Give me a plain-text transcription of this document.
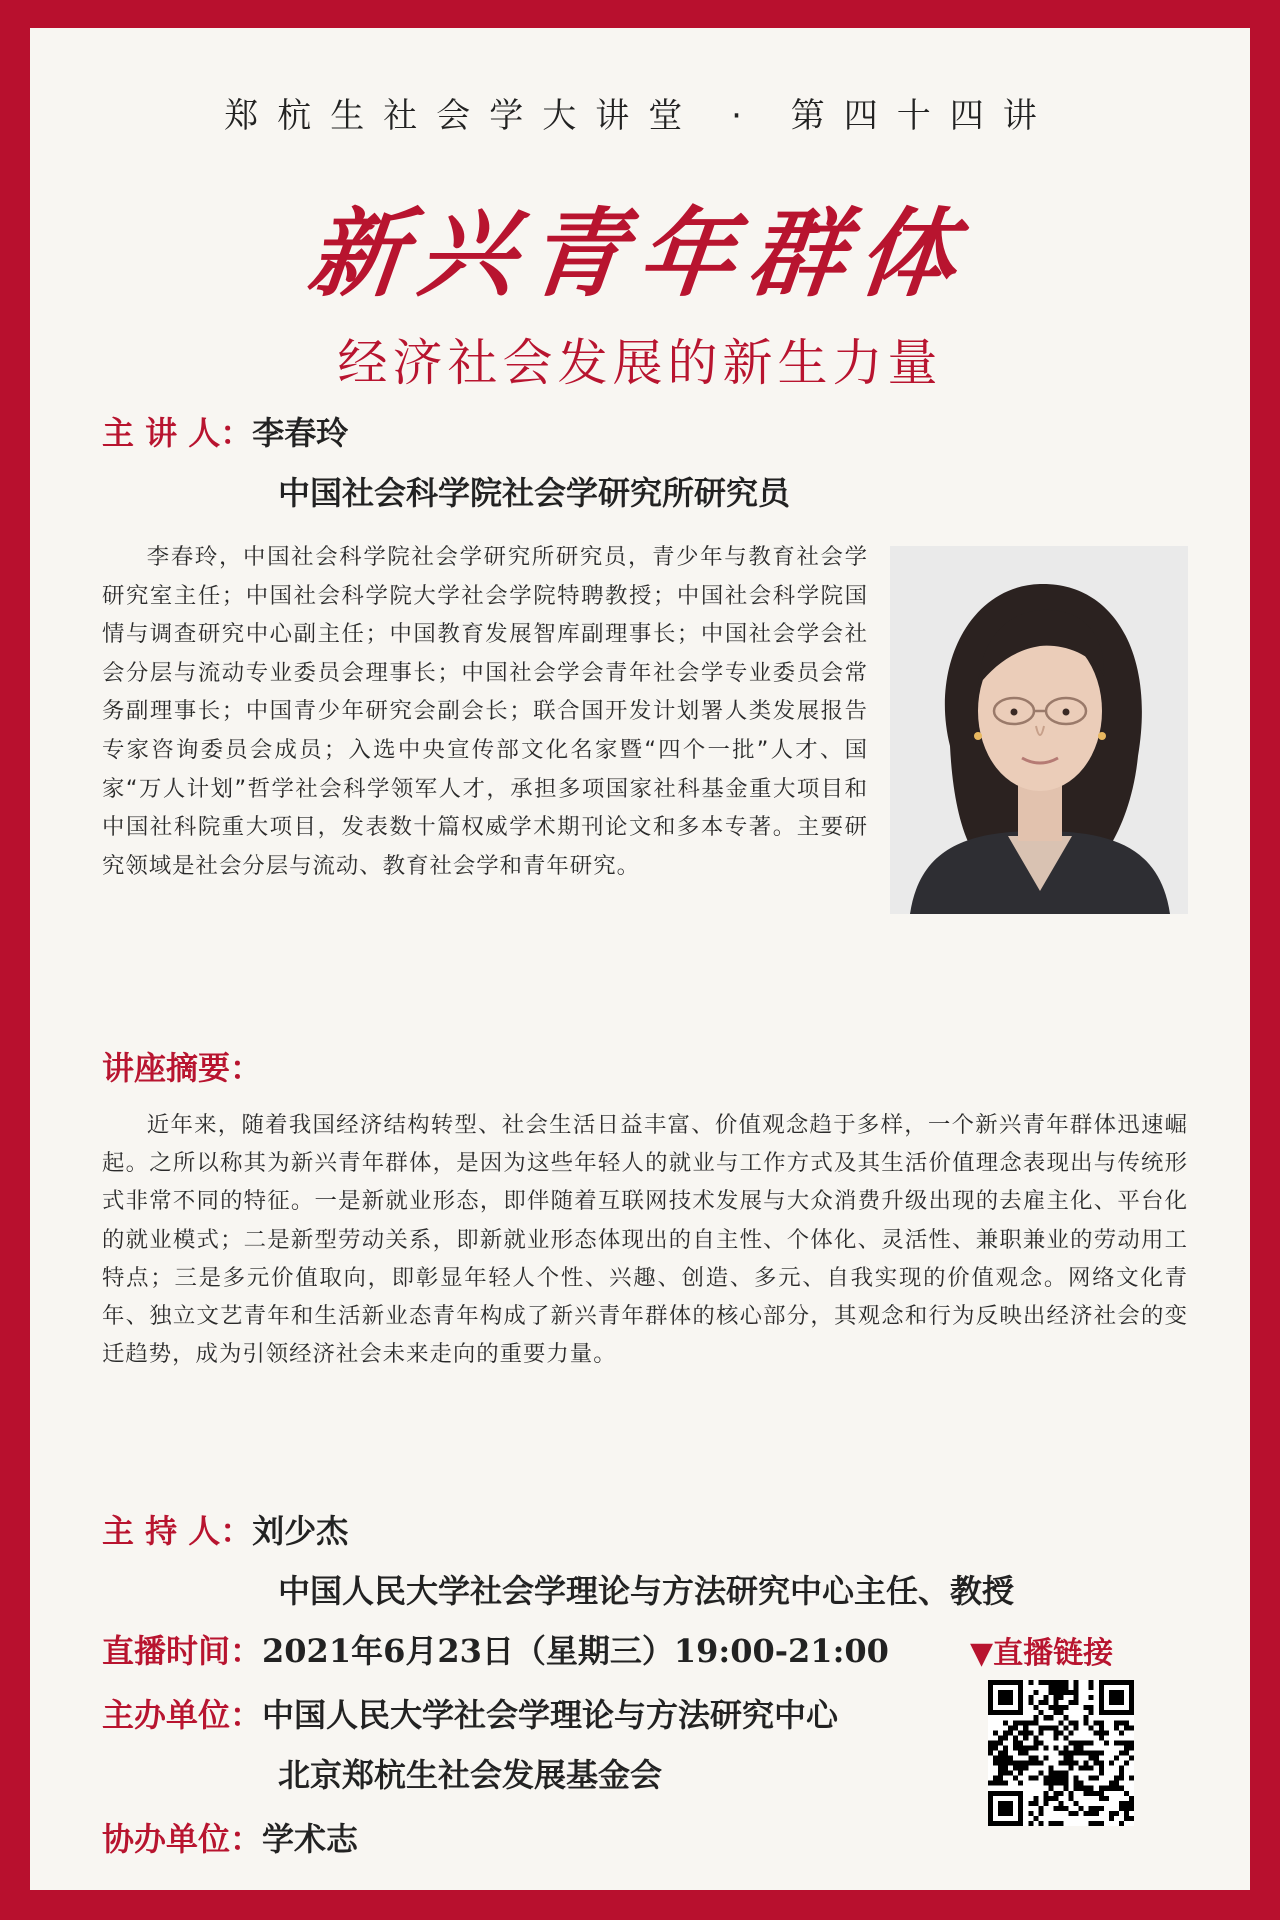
郑杭生社会学大讲堂 · 第四十四讲
新兴青年群体
经济社会发展的新生力量
主 讲 人：李春玲
中国社会科学院社会学研究所研究员

李春玲，中国社会科学院社会学研究所研究员，青少年与教育社会学研究室主任；中国社会科学院大学社会学院特聘教授；中国社会科学院国情与调查研究中心副主任；中国教育发展智库副理事长；中国社会学会社会分层与流动专业委员会理事长；中国社会学会青年社会学专业委员会常务副理事长；中国青少年研究会副会长；联合国开发计划署人类发展报告专家咨询委员会成员；入选中央宣传部文化名家暨“四个一批”人才、国家“万人计划”哲学社会科学领军人才，承担多项国家社科基金重大项目和中国社科院重大项目，发表数十篇权威学术期刊论文和多本专著。主要研究领域是社会分层与流动、教育社会学和青年研究。

讲座摘要：

近年来，随着我国经济结构转型、社会生活日益丰富、价值观念趋于多样，一个新兴青年群体迅速崛起。之所以称其为新兴青年群体，是因为这些年轻人的就业与工作方式及其生活价值理念表现出与传统形式非常不同的特征。一是新就业形态，即伴随着互联网技术发展与大众消费升级出现的去雇主化、平台化的就业模式；二是新型劳动关系，即新就业形态体现出的自主性、个体化、灵活性、兼职兼业的劳动用工特点；三是多元价值取向，即彰显年轻人个性、兴趣、创造、多元、自我实现的价值观念。网络文化青年、独立文艺青年和生活新业态青年构成了新兴青年群体的核心部分，其观念和行为反映出经济社会的变迁趋势，成为引领经济社会未来走向的重要力量。

主 持 人：刘少杰
中国人民大学社会学理论与方法研究中心主任、教授
直播时间：2021年6月23日（星期三）19:00-21:00	▼直播链接
主办单位：中国人民大学社会学理论与方法研究中心
北京郑杭生社会发展基金会
协办单位：学术志
